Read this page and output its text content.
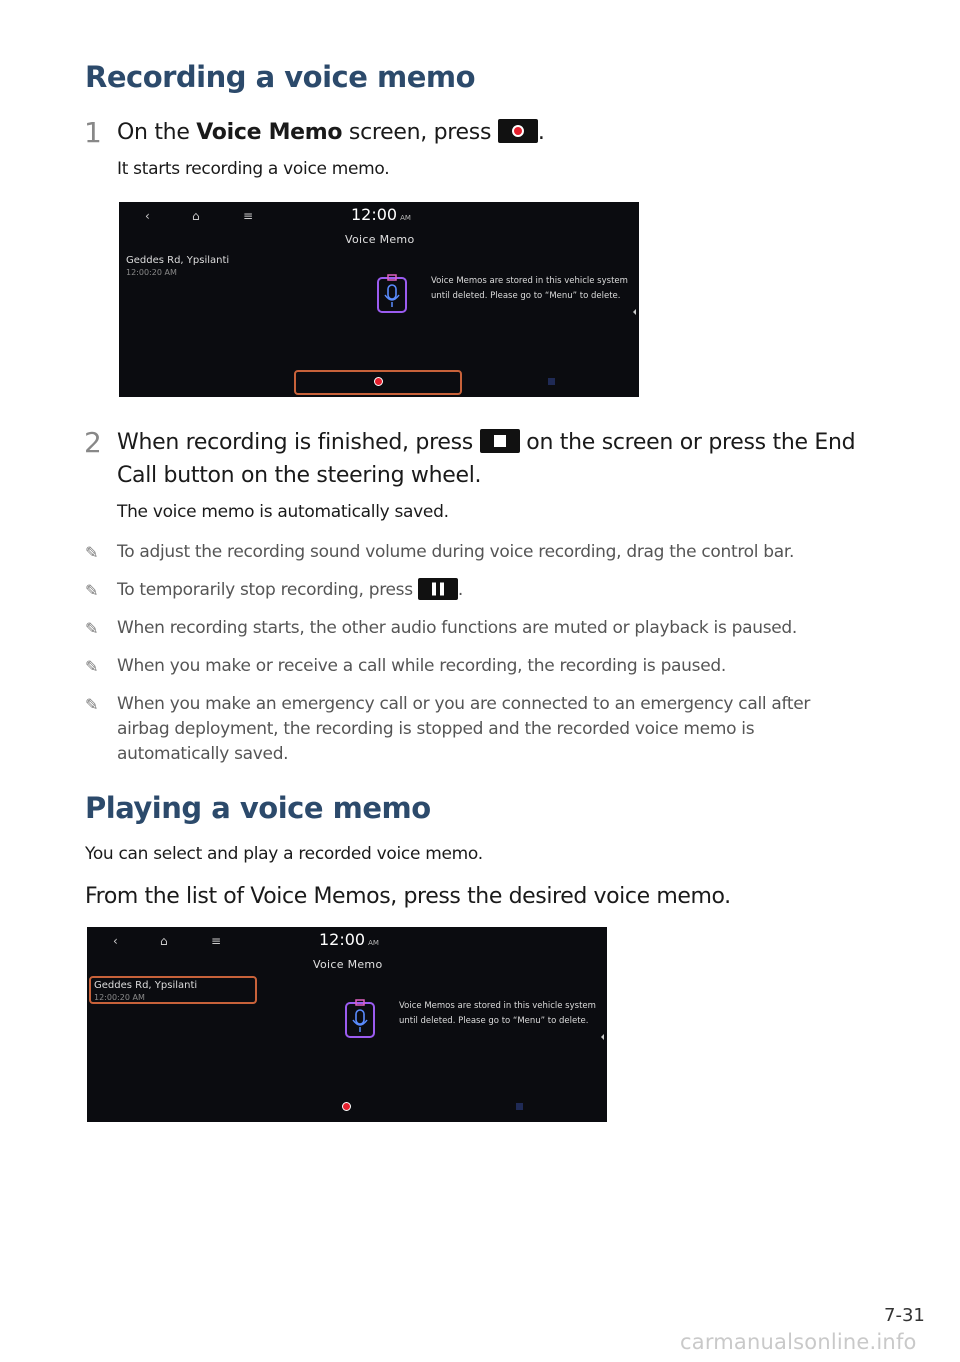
Recording a voice memo
1 On the Voice Memo screen, press
.
It starts recording a voice memo.
‹	⌂	≡	12:00 AM
Voice Memo
Geddes Rd, Ypsilanti
12:00:20 AM
Voice Memos are stored in this vehicle system until deleted. Please go to “Menu” to delete.
2 When recording is finished, press
on the screen or press the End
Call button on the steering wheel.
The voice memo is automatically saved.
✎	To adjust the recording sound volume during voice recording, drag the control bar.
✎	To temporarily stop recording, press	.
✎	When recording starts, the other audio functions are muted or playback is paused.
✎	When you make or receive a call while recording, the recording is paused.
✎	When you make an emergency call or you are connected to an emergency call after airbag deployment, the recording is stopped and the recorded voice memo is automatically saved.
Playing a voice memo
You can select and play a recorded voice memo.
From the list of Voice Memos, press the desired voice memo.
‹	⌂	≡	12:00 AM
Voice Memo
Geddes Rd, Ypsilanti
12:00:20 AM
Voice Memos are stored in this vehicle system until deleted. Please go to “Menu” to delete.
7-31
carmanualsonline.info
